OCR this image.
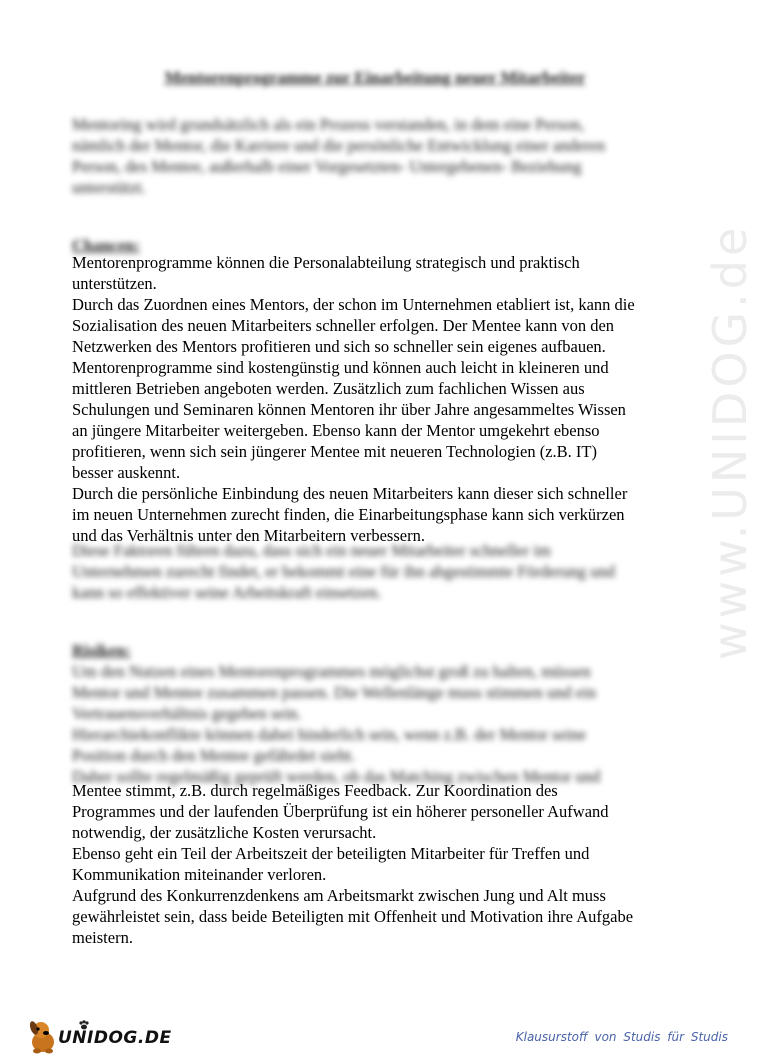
Mentorenprogramme zur Einarbeitung neuer Mitarbeiter
Mentoring wird grundsätzlich als ein Prozess verstanden, in dem eine Person,
nämlich der Mentor, die Karriere und die persönliche Entwicklung einer anderen
Person, des Mentee, außerhalb einer Vorgesetzten- Untergebenen- Beziehung
unterstützt.
Chancen:
Mentorenprogramme können die Personalabteilung strategisch und praktisch
unterstützen.
Durch das Zuordnen eines Mentors, der schon im Unternehmen etabliert ist, kann die
Sozialisation des neuen Mitarbeiters schneller erfolgen. Der Mentee kann von den
Netzwerken des Mentors profitieren und sich so schneller sein eigenes aufbauen.
Mentorenprogramme sind kostengünstig und können auch leicht in kleineren und
mittleren Betrieben angeboten werden. Zusätzlich zum fachlichen Wissen aus
Schulungen und Seminaren können Mentoren ihr über Jahre angesammeltes Wissen
an jüngere Mitarbeiter weitergeben. Ebenso kann der Mentor umgekehrt ebenso
profitieren, wenn sich sein jüngerer Mentee mit neueren Technologien (z.B. IT)
besser auskennt.
Durch die persönliche Einbindung des neuen Mitarbeiters kann dieser sich schneller
im neuen Unternehmen zurecht finden, die Einarbeitungsphase kann sich verkürzen
und das Verhältnis unter den Mitarbeitern verbessern.
Diese Faktoren führen dazu, dass sich ein neuer Mitarbeiter schneller im
Unternehmen zurecht findet, er bekommt eine für ihn abgestimmte Förderung und
kann so effektiver seine Arbeitskraft einsetzen.
Risiken:
Um den Nutzen eines Mentorenprogrammes möglichst groß zu halten, müssen
Mentor und Mentee zusammen passen. Die Wellenlänge muss stimmen und ein
Vertrauensverhältnis gegeben sein.
Hierarchiekonflikte können dabei hinderlich sein, wenn z.B. der Mentor seine
Position durch den Mentee gefährdet sieht.
Daher sollte regelmäßig geprüft werden, ob das Matching zwischen Mentor und
Mentee stimmt, z.B. durch regelmäßiges Feedback. Zur Koordination des
Programmes und der laufenden Überprüfung ist ein höherer personeller Aufwand
notwendig, der zusätzliche Kosten verursacht.
Ebenso geht ein Teil der Arbeitszeit der beteiligten Mitarbeiter für Treffen und
Kommunikation miteinander verloren.
Aufgrund des Konkurrenzdenkens am Arbeitsmarkt zwischen Jung und Alt muss
gewährleistet sein, dass beide Beteiligten mit Offenheit und Motivation ihre Aufgabe
meistern.
www.UNIDOG.de
UNIDOG.DE	Klausurstoff von Studis für Studis
